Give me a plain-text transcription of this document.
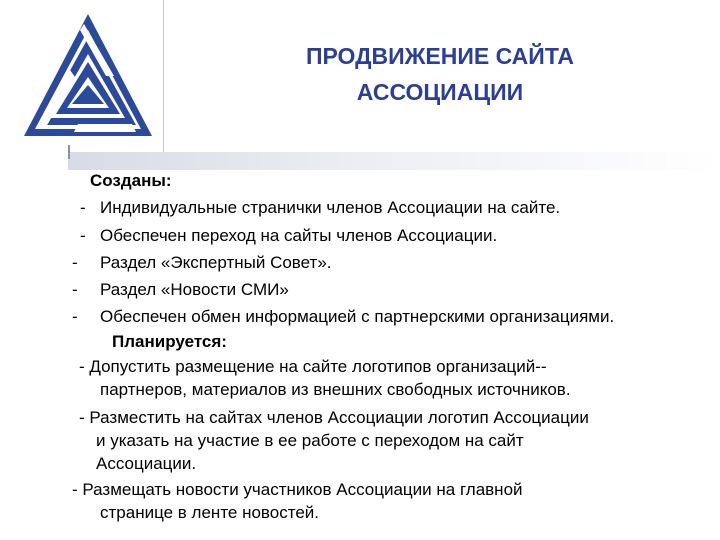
ПРОДВИЖЕНИЕ САЙТА
АССОЦИАЦИИ
Созданы:
- Индивидуальные странички членов Ассоциации на сайте.
- Обеспечен переход на сайты членов Ассоциации.
- Раздел «Экспертный Совет».
- Раздел «Новости СМИ»
- Обеспечен обмен информацией с партнерскими организациями.
Планируется:
- Допустить размещение на сайте логотипов организаций--
партнеров, материалов из внешних свободных источников.
- Разместить на сайтах членов Ассоциации логотип Ассоциации
и указать на участие в ее работе с переходом на сайт
Ассоциации.
- Размещать новости участников Ассоциации на главной
странице в ленте новостей.
